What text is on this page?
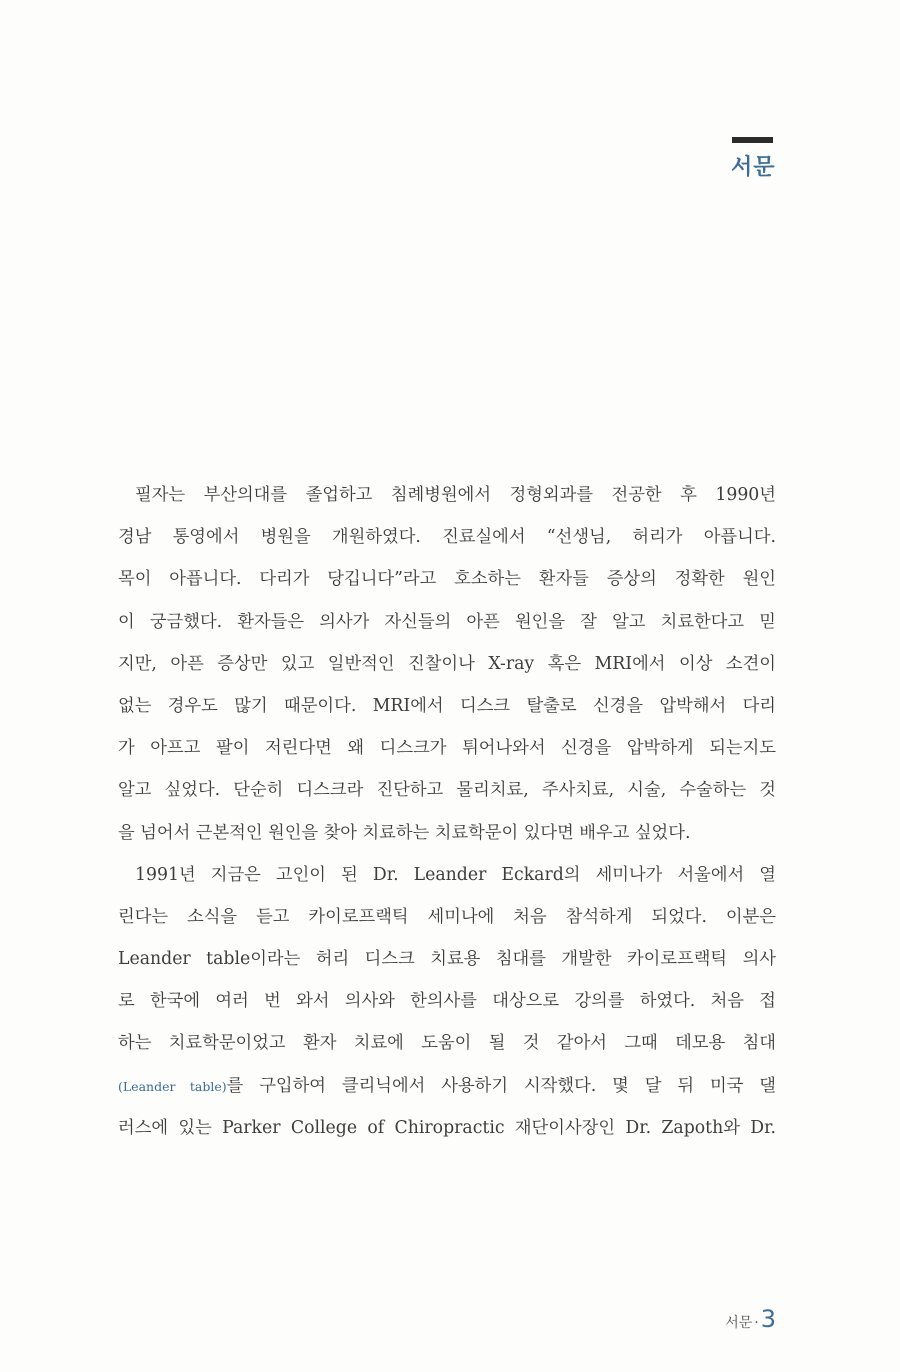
서문
필자는 부산의대를 졸업하고 침례병원에서 정형외과를 전공한 후 1990년
경남 통영에서 병원을 개원하였다. 진료실에서 “선생님, 허리가 아픕니다.
목이 아픕니다. 다리가 당깁니다”라고 호소하는 환자들 증상의 정확한 원인
이 궁금했다. 환자들은 의사가 자신들의 아픈 원인을 잘 알고 치료한다고 믿
지만, 아픈 증상만 있고 일반적인 진찰이나 X-ray 혹은 MRI에서 이상 소견이
없는 경우도 많기 때문이다. MRI에서 디스크 탈출로 신경을 압박해서 다리
가 아프고 팔이 저린다면 왜 디스크가 튀어나와서 신경을 압박하게 되는지도
알고 싶었다. 단순히 디스크라 진단하고 물리치료, 주사치료, 시술, 수술하는 것
을 넘어서 근본적인 원인을 찾아 치료하는 치료학문이 있다면 배우고 싶었다.
1991년 지금은 고인이 된 Dr. Leander Eckard의 세미나가 서울에서 열
린다는 소식을 듣고 카이로프랙틱 세미나에 처음 참석하게 되었다. 이분은
Leander table이라는 허리 디스크 치료용 침대를 개발한 카이로프랙틱 의사
로 한국에 여러 번 와서 의사와 한의사를 대상으로 강의를 하였다. 처음 접
하는 치료학문이었고 환자 치료에 도움이 될 것 같아서 그때 데모용 침대
(Leander table)를 구입하여 클리닉에서 사용하기 시작했다. 몇 달 뒤 미국 댈
러스에 있는 Parker College of Chiropractic 재단이사장인 Dr. Zapoth와 Dr.
서문 ·3
